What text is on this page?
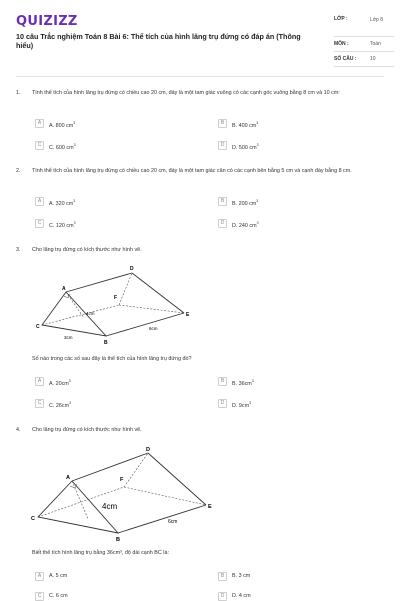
QUIZIZZ
10 câu Trắc nghiệm Toán 8 Bài 6: Thể tích của hình lăng trụ đứng có đáp án (Thông hiểu)
LỚP :	Lớp 8
MÔN :	Toán
SỐ CÂU :	10
1. Tính thể tích của hình lăng trụ đứng có chiều cao 20 cm, đáy là một tam giác vuông có các cạnh góc vuông bằng 8 cm và 10 cm:
A	A. 800 $cm^3$	B	B. 400 $cm^3$
C	C. 600 $cm^3$	D	D. 500 $cm^3$
2. Tính thể tích của hình lăng trụ đứng có chiều cao 20 cm, đáy là một tam giác cân có các cạnh bên bằng 5 cm và cạnh đáy bằng 8 cm.
A	A. 320 $cm^3$	B	B. 200 $cm^3$
C	C. 120 $cm^3$	D	D. 240 $cm^3$
3. Cho lăng trụ đứng có kích thước như hình vẽ.
A
B
C
D
E
F
4cm
6cm
3cm
Số nào trong các số sau đây là thể tích của hình lăng trụ đứng đó?
A	A. $20cm^3$	B	B. $36cm^3$
C	C. $26cm^3$	D	D. $9cm^3$
4. Cho lăng trụ đứng có kích thước như hình vẽ.
A
B
C
D
E
F
4cm
6cm
Biết thể tích hình lăng trụ bằng 36cm³, độ dài cạnh BC là:
A	A. 5 cm	B	B. 3 cm
C	C. 6 cm	D	D. 4 cm
